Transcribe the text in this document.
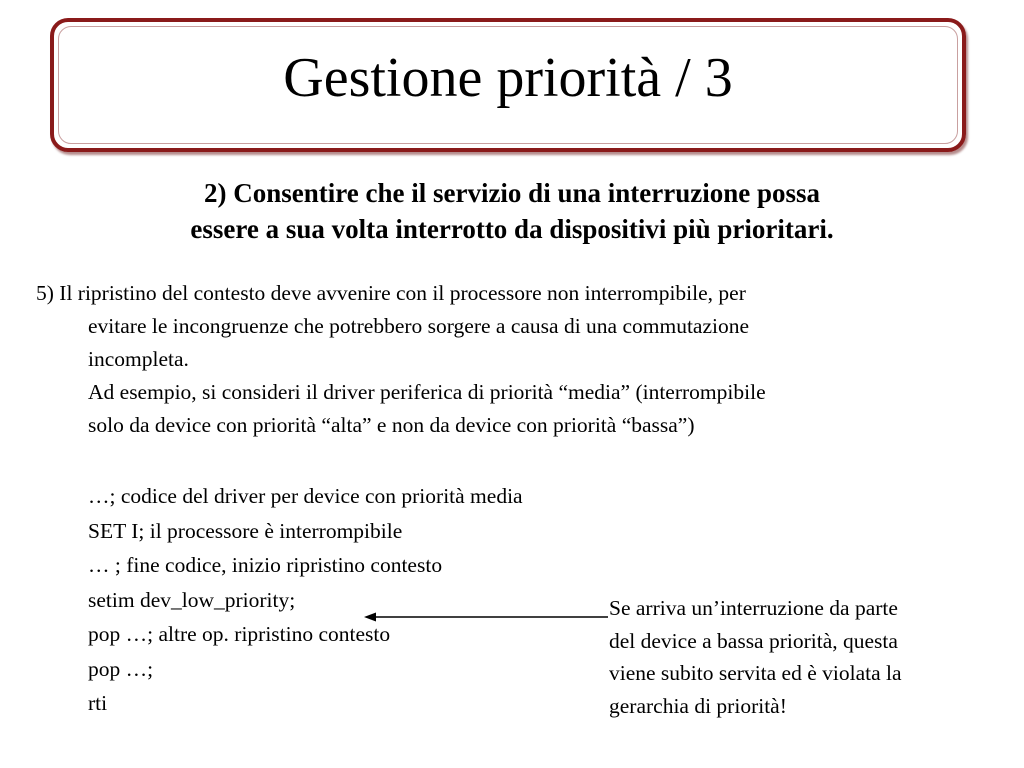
Gestione priorità / 3
2) Consentire che il servizio di una interruzione possa
essere a sua volta interrotto da dispositivi più prioritari.
5) Il ripristino del contesto deve avvenire con il processore non interrompibile, per
evitare le incongruenze che potrebbero sorgere a causa di una commutazione
incompleta.
Ad esempio, si consideri il driver periferica di priorità “media” (interrompibile
solo da device con priorità “alta” e non da device con priorità “bassa”)
…; codice del driver per device con priorità media
SET I; il processore è interrompibile
… ; fine codice, inizio ripristino contesto
setim dev_low_priority;
pop …; altre op. ripristino contesto
pop …;
rti
Se arriva un’interruzione da parte
del device a bassa priorità, questa
viene subito servita ed è violata la
gerarchia di priorità!
